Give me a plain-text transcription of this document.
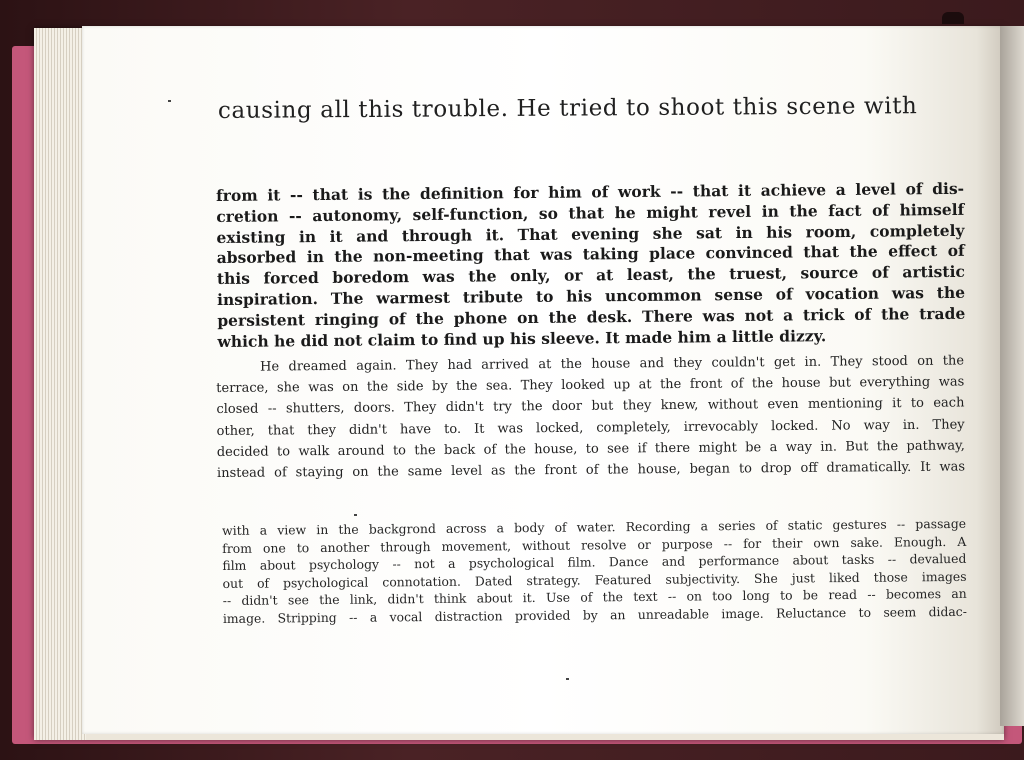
causing all this trouble. He tried to shoot this scene with
from it -- that is the definition for him of work -- that it achieve a level of dis-
cretion -- autonomy, self-function, so that he might revel in the fact of himself
existing in it and through it. That evening she sat in his room, completely
absorbed in the non-meeting that was taking place convinced that the effect of
this forced boredom was the only, or at least, the truest, source of artistic
inspiration. The warmest tribute to his uncommon sense of vocation was the
persistent ringing of the phone on the desk. There was not a trick of the trade
which he did not claim to find up his sleeve. It made him a little dizzy.
He dreamed again. They had arrived at the house and they couldn't get in. They stood on the
terrace, she was on the side by the sea. They looked up at the front of the house but everything was
closed -- shutters, doors. They didn't try the door but they knew, without even mentioning it to each
other, that they didn't have to. It was locked, completely, irrevocably locked. No way in. They
decided to walk around to the back of the house, to see if there might be a way in. But the pathway,
instead of staying on the same level as the front of the house, began to drop off dramatically. It was
with a view in the backgrond across a body of water. Recording a series of static gestures -- passage
from one to another through movement, without resolve or purpose -- for their own sake. Enough. A
film about psychology -- not a psychological film. Dance and performance about tasks -- devalued
out of psychological connotation. Dated strategy. Featured subjectivity. She just liked those images
-- didn't see the link, didn't think about it. Use of the text -- on too long to be read -- becomes an
image. Stripping -- a vocal distraction provided by an unreadable image. Reluctance to seem didac-
